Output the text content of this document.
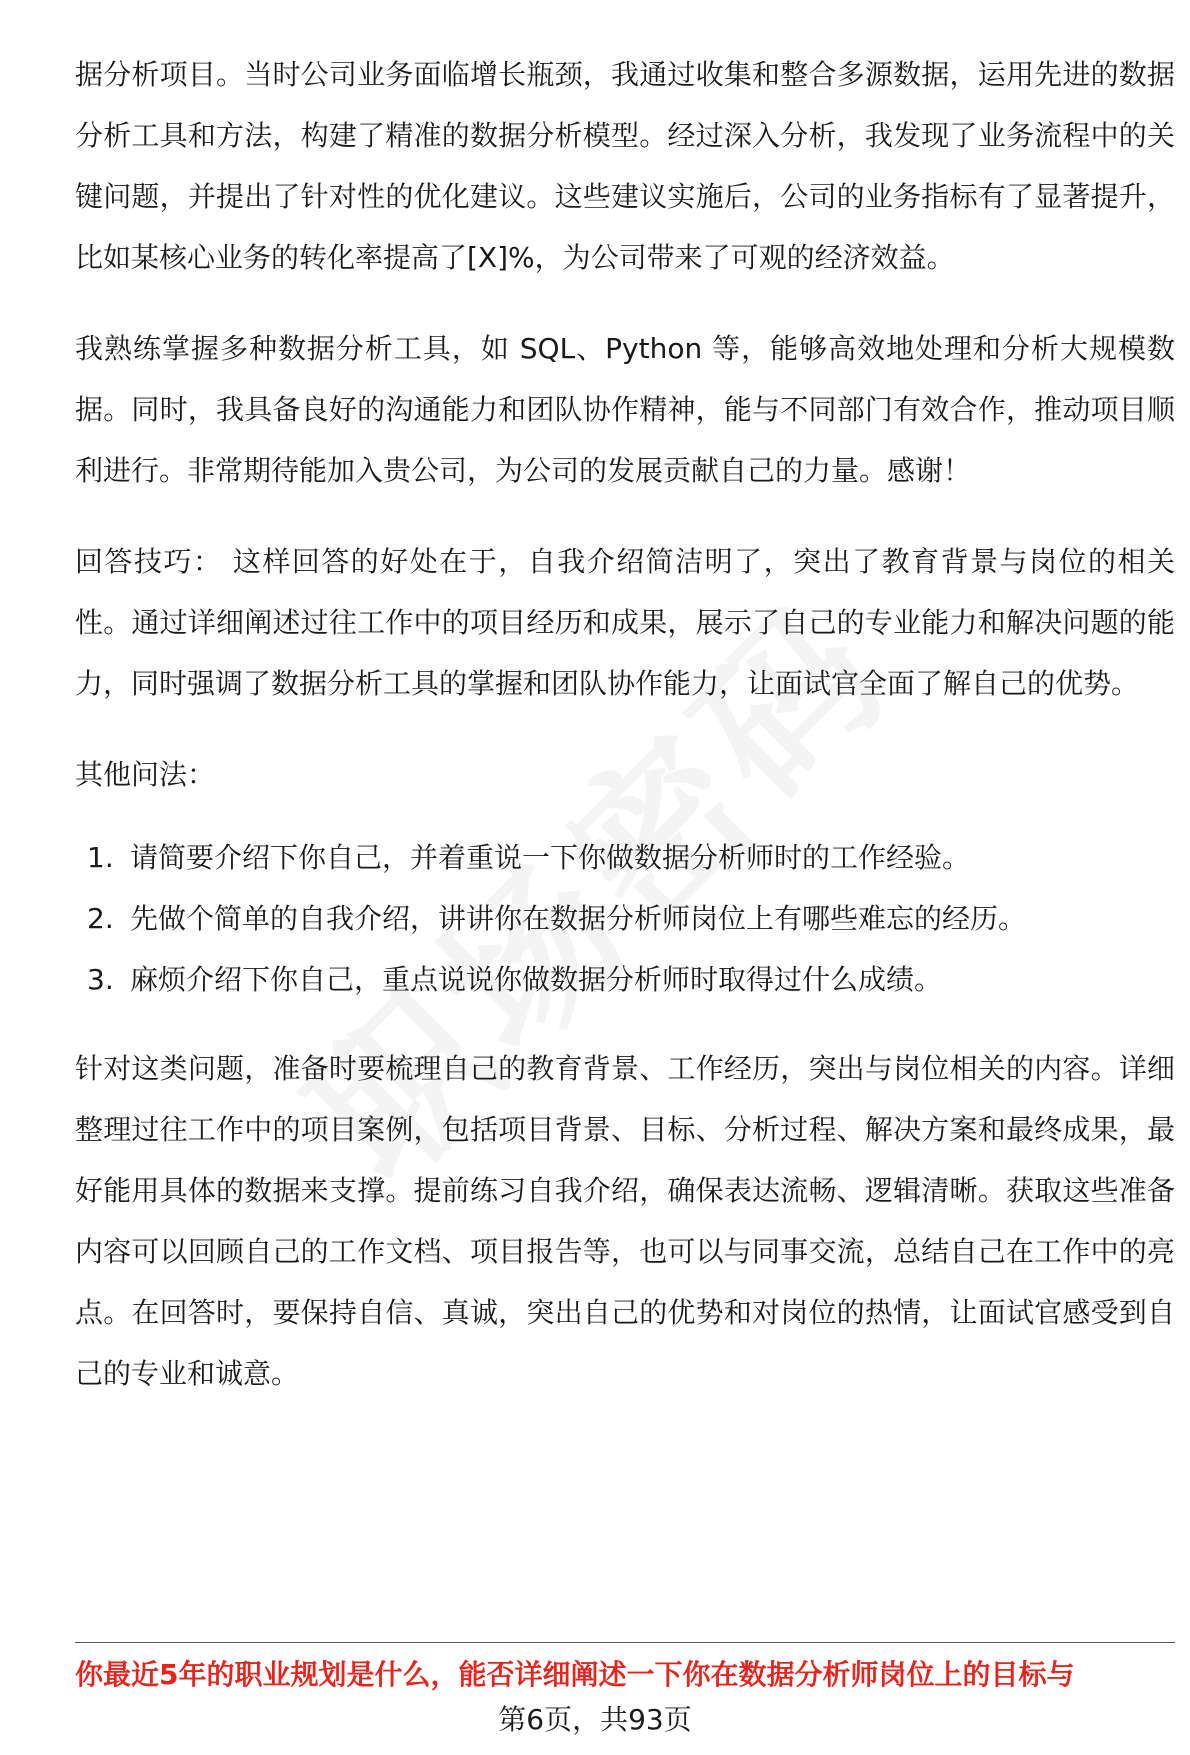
据分析项目。当时公司业务面临增长瓶颈，我通过收集和整合多源数据，运用先进的数据分析工具和方法，构建了精准的数据分析模型。经过深入分析，我发现了业务流程中的关键问题，并提出了针对性的优化建议。这些建议实施后，公司的业务指标有了显著提升，比如某核心业务的转化率提高了[X]%，为公司带来了可观的经济效益。

我熟练掌握多种数据分析工具，如 SQL、Python 等，能够高效地处理和分析大规模数据。同时，我具备良好的沟通能力和团队协作精神，能与不同部门有效合作，推动项目顺利进行。非常期待能加入贵公司，为公司的发展贡献自己的力量。感谢！

回答技巧： 这样回答的好处在于，自我介绍简洁明了，突出了教育背景与岗位的相关性。通过详细阐述过往工作中的项目经历和成果，展示了自己的专业能力和解决问题的能力，同时强调了数据分析工具的掌握和团队协作能力，让面试官全面了解自己的优势。

其他问法：

1. 请简要介绍下你自己，并着重说一下你做数据分析师时的工作经验。
2. 先做个简单的自我介绍，讲讲你在数据分析师岗位上有哪些难忘的经历。
3. 麻烦介绍下你自己，重点说说你做数据分析师时取得过什么成绩。

针对这类问题，准备时要梳理自己的教育背景、工作经历，突出与岗位相关的内容。详细整理过往工作中的项目案例，包括项目背景、目标、分析过程、解决方案和最终成果，最好能用具体的数据来支撑。提前练习自我介绍，确保表达流畅、逻辑清晰。获取这些准备内容可以回顾自己的工作文档、项目报告等，也可以与同事交流，总结自己在工作中的亮点。在回答时，要保持自信、真诚，突出自己的优势和对岗位的热情，让面试官感受到自己的专业和诚意。

你最近5年的职业规划是什么，能否详细阐述一下你在数据分析师岗位上的目标与
第6页，共93页
